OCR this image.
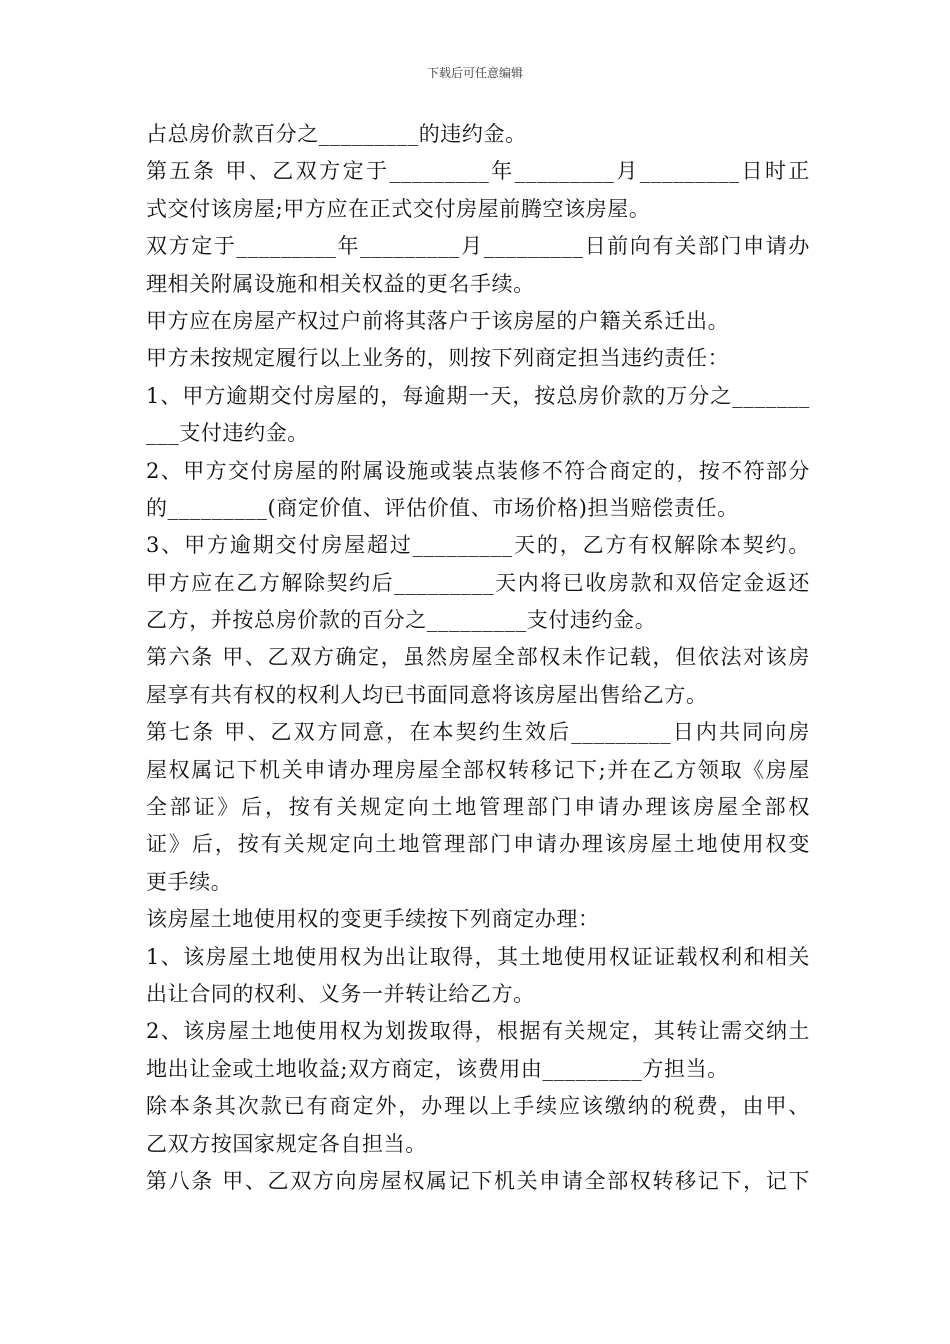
下载后可任意编辑
占总房价款百分之_________的违约金。
第五条 甲、乙双方定于_________年_________月_________日时正
式交付该房屋;甲方应在正式交付房屋前腾空该房屋。
双方定于_________年_________月_________日前向有关部门申请办
理相关附属设施和相关权益的更名手续。
甲方应在房屋产权过户前将其落户于该房屋的户籍关系迁出。
甲方未按规定履行以上业务的，则按下列商定担当违约责任：
1、甲方逾期交付房屋的，每逾期一天，按总房价款的万分之_______
___支付违约金。
2、甲方交付房屋的附属设施或装点装修不符合商定的，按不符部分
的_________(商定价值、评估价值、市场价格)担当赔偿责任。
3、甲方逾期交付房屋超过_________天的，乙方有权解除本契约。
甲方应在乙方解除契约后_________天内将已收房款和双倍定金返还
乙方，并按总房价款的百分之_________支付违约金。
第六条 甲、乙双方确定，虽然房屋全部权未作记载，但依法对该房
屋享有共有权的权利人均已书面同意将该房屋出售给乙方。
第七条 甲、乙双方同意，在本契约生效后_________日内共同向房
屋权属记下机关申请办理房屋全部权转移记下;并在乙方领取《房屋
全部证》后，按有关规定向土地管理部门申请办理该房屋全部权
证》后，按有关规定向土地管理部门申请办理该房屋土地使用权变
更手续。
该房屋土地使用权的变更手续按下列商定办理：
1、该房屋土地使用权为出让取得，其土地使用权证证载权利和相关
出让合同的权利、义务一并转让给乙方。
2、该房屋土地使用权为划拨取得，根据有关规定，其转让需交纳土
地出让金或土地收益;双方商定，该费用由_________方担当。
除本条其次款已有商定外，办理以上手续应该缴纳的税费，由甲、
乙双方按国家规定各自担当。
第八条 甲、乙双方向房屋权属记下机关申请全部权转移记下，记下
